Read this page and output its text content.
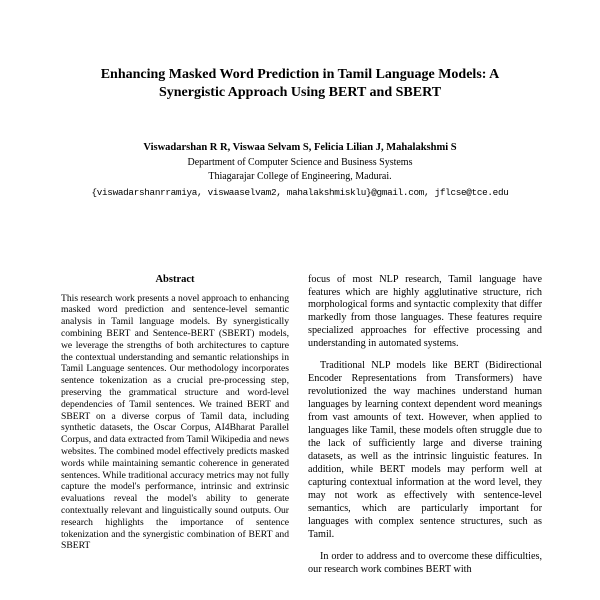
Enhancing Masked Word Prediction in Tamil Language Models: A Synergistic Approach Using BERT and SBERT
Viswadarshan R R, Viswaa Selvam S, Felicia Lilian J, Mahalakshmi S
Department of Computer Science and Business Systems
Thiagarajar College of Engineering, Madurai.
{viswadarshanrramiya, viswaaselvam2, mahalakshmisklu}@gmail.com, jflcse@tce.edu
Abstract

This research work presents a novel approach to enhancing masked word prediction and sentence-level semantic analysis in Tamil language models. By synergistically combining BERT and Sentence-BERT (SBERT) models, we leverage the strengths of both architectures to capture the contextual understanding and semantic relationships in Tamil Language sentences. Our methodology incorporates sentence tokenization as a crucial pre-processing step, preserving the grammatical structure and word-level dependencies of Tamil sentences. We trained BERT and SBERT on a diverse corpus of Tamil data, including synthetic datasets, the Oscar Corpus, AI4Bharat Parallel Corpus, and data extracted from Tamil Wikipedia and news websites. The combined model effectively predicts masked words while maintaining semantic coherence in generated sentences. While traditional accuracy metrics may not fully capture the model's performance, intrinsic and extrinsic evaluations reveal the model's ability to generate contextually relevant and linguistically sound outputs. Our research highlights the importance of sentence tokenization and the synergistic combination of BERT and SBERT

focus of most NLP research, Tamil language have features which are highly agglutinative structure, rich morphological forms and syntactic complexity that differ markedly from those languages. These features require specialized approaches for effective processing and understanding in automated systems.

Traditional NLP models like BERT (Bidirectional Encoder Representations from Transformers) have revolutionized the way machines understand human languages by learning context dependent word meanings from vast amounts of text. However, when applied to languages like Tamil, these models often struggle due to the lack of sufficiently large and diverse training datasets, as well as the intrinsic linguistic features. In addition, while BERT models may perform well at capturing contextual information at the word level, they may not work as effectively with sentence-level semantics, which are particularly important for languages with complex sentence structures, such as Tamil.

In order to address and to overcome these difficulties, our research work combines BERT with
